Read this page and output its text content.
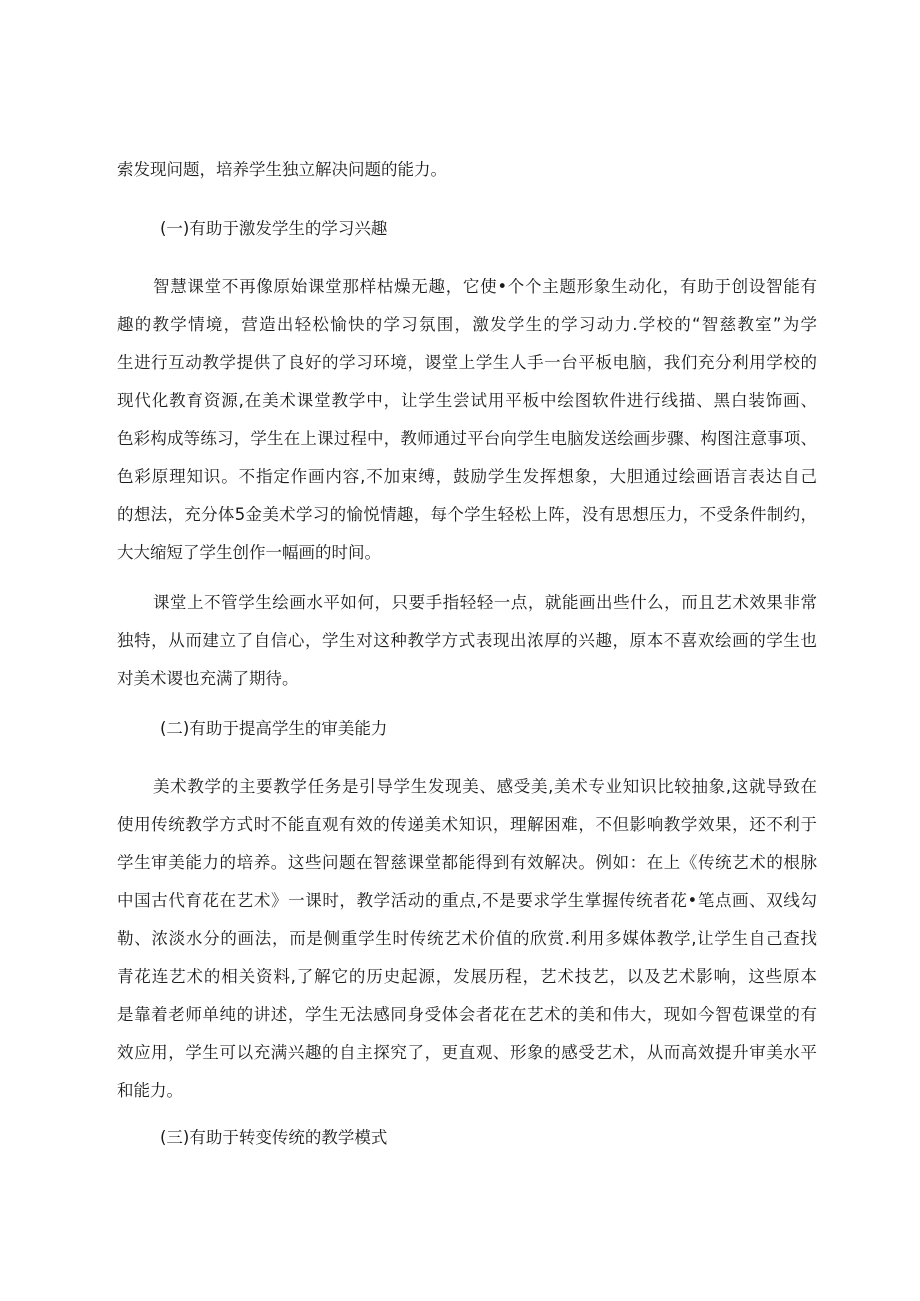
索发现问题，培养学生独立解决问题的能力。
(一)有助于激发学生的学习兴趣
智慧课堂不再像原始课堂那样枯燥无趣，它使•个个主题形象生动化，有助于创设智能有
趣的教学情境，营造出轻松愉快的学习氛围，激发学生的学习动力.学校的“智慈教室”为学
生进行互动教学提供了良好的学习环境，谡堂上学生人手一台平板电脑，我们充分利用学校的
现代化教育资源,在美术课堂教学中，让学生尝试用平板中绘图软件进行线描、黑白装饰画、
色彩构成等练习，学生在上课过程中，教师通过平台向学生电脑发送绘画步骤、构图注意事项、
色彩原理知识。不指定作画内容,不加束缚，鼓励学生发挥想象，大胆通过绘画语言表达自己
的想法，充分体5金美术学习的愉悦情趣，每个学生轻松上阵，没有思想压力，不受条件制约，
大大缩短了学生创作一幅画的时间。
课堂上不管学生绘画水平如何，只要手指轻轻一点，就能画出些什么，而且艺术效果非常
独特，从而建立了自信心，学生对这种教学方式表现出浓厚的兴趣，原本不喜欢绘画的学生也
对美术谡也充满了期待。
(二)有助于提高学生的审美能力
美术教学的主要教学任务是引导学生发现美、感受美,美术专业知识比较抽象,这就导致在
使用传统教学方式时不能直观有效的传递美术知识，理解困难，不但影响教学效果，还不利于
学生审美能力的培养。这些问题在智慈课堂都能得到有效解决。例如：在上《传统艺术的根脉
中国古代育花在艺术》一课时，教学活动的重点,不是要求学生掌握传统者花•笔点画、双线勾
勒、浓淡水分的画法，而是侧重学生时传统艺术价值的欣赏.利用多媒体教学,让学生自己查找
青花连艺术的相关资料,了解它的历史起源，发展历程，艺术技艺，以及艺术影响，这些原本
是靠着老师单纯的讲述，学生无法感同身受体会者花在艺术的美和伟大，现如今智苞课堂的有
效应用，学生可以充满兴趣的自主探究了，更直观、形象的感受艺术，从而高效提升审美水平
和能力。
(三)有助于转变传统的教学模式
